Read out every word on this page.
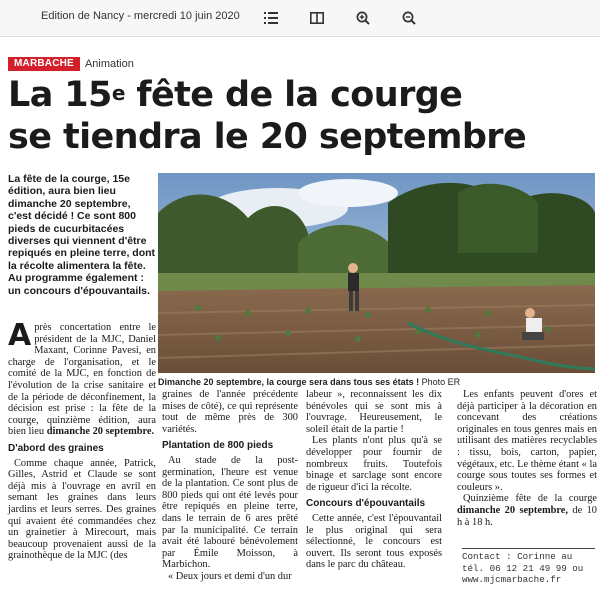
Edition de Nancy - mercredi 10 juin 2020
MARBACHE	Animation
La 15e fête de la courge
se tiendra le 20 septembre
La fête de la courge, 15e édition, aura bien lieu dimanche 20 septembre, c'est décidé ! Ce sont 800 pieds de cucurbitacées diverses qui viennent d'être repiqués en pleine terre, dont la récolte alimentera la fête. Au programme également : un concours d'épouvantails.
Dimanche 20 septembre, la courge sera dans tous ses états ! Photo ER

Après concertation entre le président de la MJC, Daniel Maxant, Corinne Pavesi, en charge de l'organisation, et le comité de la MJC, en fonction de l'évolution de la crise sanitaire et de la période de déconfinement, la décision est prise : la fête de la courge, quinzième édition, aura bien lieu dimanche 20 septembre.

D'abord des graines

Comme chaque année, Patrick, Gilles, Astrid et Claude se sont déjà mis à l'ouvrage en avril en semant les graines dans leurs jardins et leurs serres. Des graines qui avaient été commandées chez un grainetier à Mirecourt, mais beaucoup provenaient aussi de la grainothèque de la MJC (des

graines de l'année précédente mises de côté), ce qui représente tout de même près de 300 variétés.

Plantation de 800 pieds

Au stade de la post-germination, l'heure est venue de la plantation. Ce sont plus de 800 pieds qui ont été levés pour être repiqués en pleine terre, dans le terrain de 6 ares prêté par la municipalité. Ce terrain avait été labouré bénévolement par Émile Moisson, à Marbichon.

« Deux jours et demi d'un dur

labeur », reconnaissent les dix bénévoles qui se sont mis à l'ouvrage. Heureusement, le soleil était de la partie !

Les plants n'ont plus qu'à se développer pour fournir de nombreux fruits. Toutefois binage et sarclage sont encore de rigueur d'ici la récolte.

Concours d'épouvantails

Cette année, c'est l'épouvantail le plus original qui sera sélectionné, le concours est ouvert. Ils seront tous exposés dans le parc du château.

Les enfants peuvent d'ores et déjà participer à la décoration en concevant des créations originales en tous genres mais en utilisant des matières recyclables : tissu, bois, carton, papier, végétaux, etc. Le thème étant « la courge sous toutes ses formes et couleurs ».

Quinzième fête de la courge dimanche 20 septembre, de 10 h à 18 h.

Contact : Corinne au
tél. 06 12 21 49 99 ou
www.mjcmarbache.fr
